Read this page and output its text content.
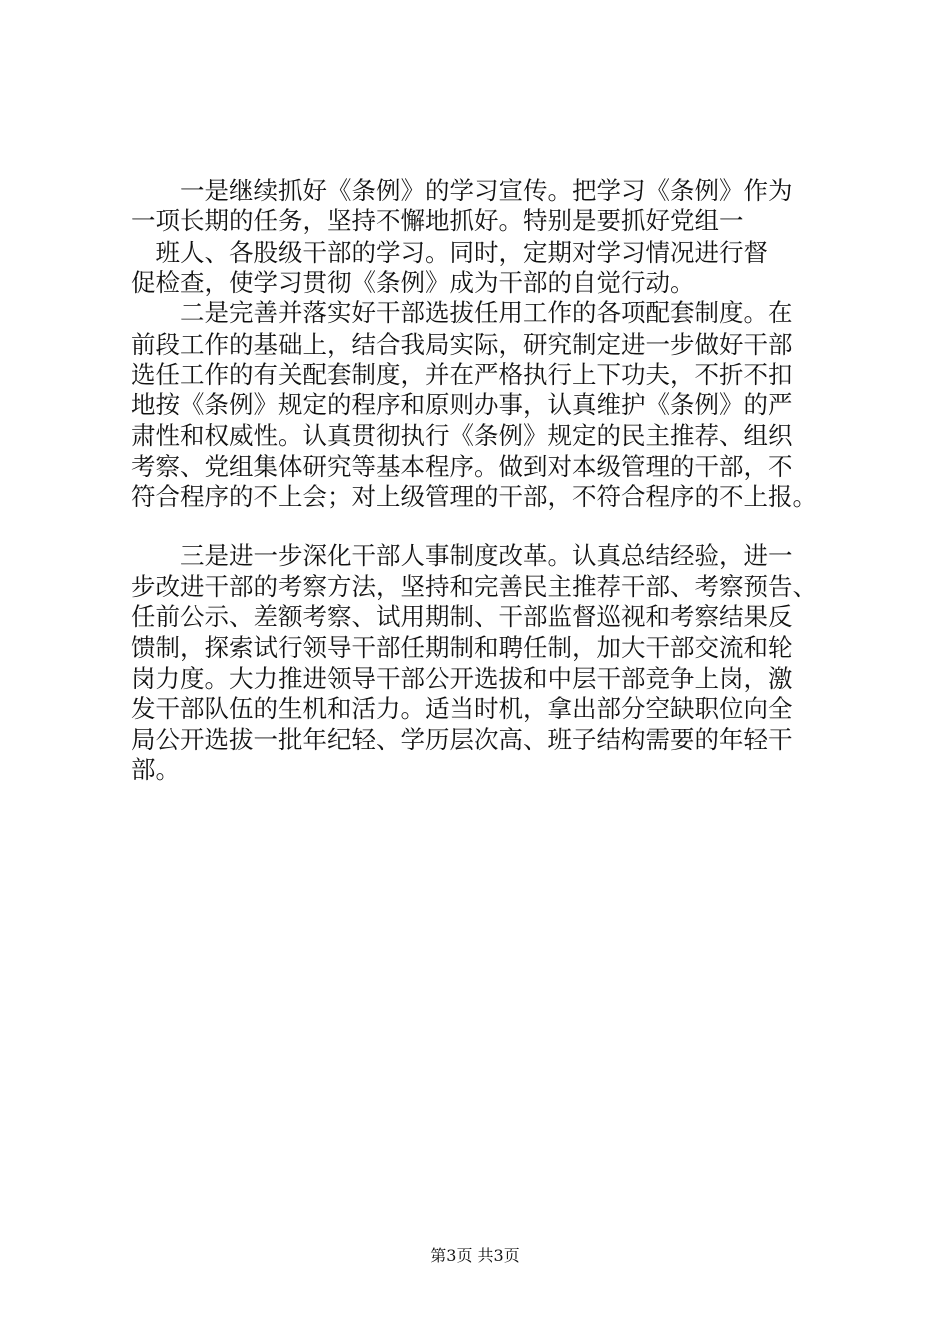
　　一是继续抓好《条例》的学习宣传。把学习《条例》作为
一项长期的任务，坚持不懈地抓好。特别是要抓好党组一
　班人、各股级干部的学习。同时，定期对学习情况进行督
促检查，使学习贯彻《条例》成为干部的自觉行动。
　　二是完善并落实好干部选拔任用工作的各项配套制度。在
前段工作的基础上，结合我局实际，研究制定进一步做好干部
选任工作的有关配套制度，并在严格执行上下功夫，不折不扣
地按《条例》规定的程序和原则办事，认真维护《条例》的严
肃性和权威性。认真贯彻执行《条例》规定的民主推荐、组织
考察、党组集体研究等基本程序。做到对本级管理的干部，不
符合程序的不上会；对上级管理的干部，不符合程序的不上报。
　　三是进一步深化干部人事制度改革。认真总结经验，进一
步改进干部的考察方法，坚持和完善民主推荐干部、考察预告、
任前公示、差额考察、试用期制、干部监督巡视和考察结果反
馈制，探索试行领导干部任期制和聘任制，加大干部交流和轮
岗力度。大力推进领导干部公开选拔和中层干部竞争上岗，激
发干部队伍的生机和活力。适当时机，拿出部分空缺职位向全
局公开选拔一批年纪轻、学历层次高、班子结构需要的年轻干
部。
第3页 共3页
